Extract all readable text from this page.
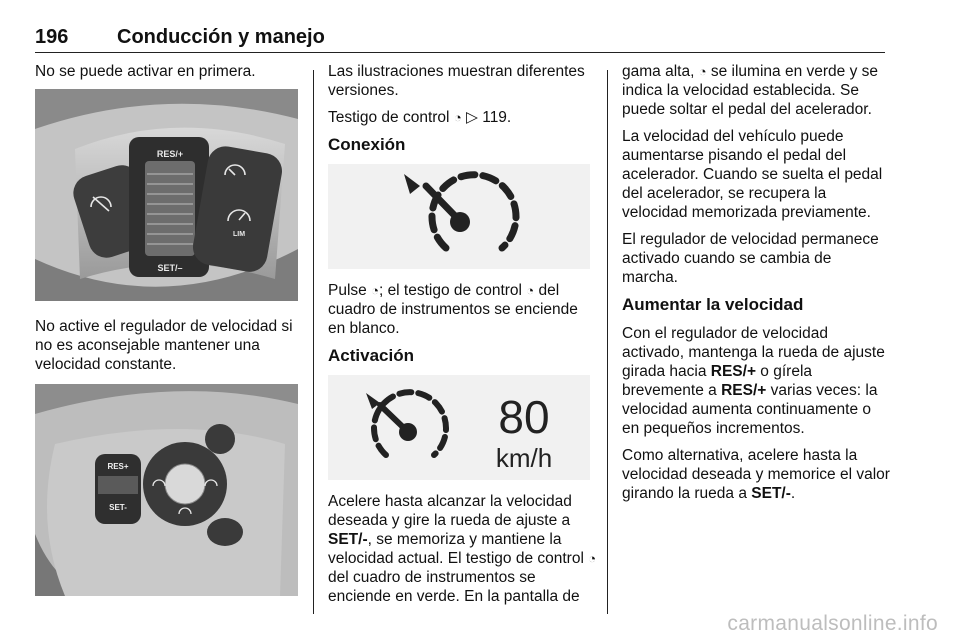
196 Conducción y manejo

No se puede activar en primera.

RES/+
SET/–
LIM

No active el regulador de velocidad si no es aconsejable mantener una velocidad constante.

RES+
SET-

Las ilustraciones muestran diferentes versiones.

Testigo de control ◔ ▷ 119.

Conexión

Pulse ◔; el testigo de control ◔ del cuadro de instrumentos se enciende en blanco.

Activación
80
km/h

Acelere hasta alcanzar la velocidad deseada y gire la rueda de ajuste a SET/-, se memoriza y mantiene la velocidad actual. El testigo de control ◔ del cuadro de instrumentos se enciende en verde. En la pantalla de

gama alta, ◔ se ilumina en verde y se indica la velocidad establecida. Se puede soltar el pedal del acelerador.

La velocidad del vehículo puede aumentarse pisando el pedal del acelerador. Cuando se suelta el pedal del acelerador, se recupera la velocidad memorizada previamente.

El regulador de velocidad permanece activado cuando se cambia de marcha.

Aumentar la velocidad

Con el regulador de velocidad activado, mantenga la rueda de ajuste girada hacia RES/+ o gírela brevemente a RES/+ varias veces: la velocidad aumenta continuamente o en pequeños incrementos.

Como alternativa, acelere hasta la velocidad deseada y memorice el valor girando la rueda a SET/-.

carmanualsonline.info
